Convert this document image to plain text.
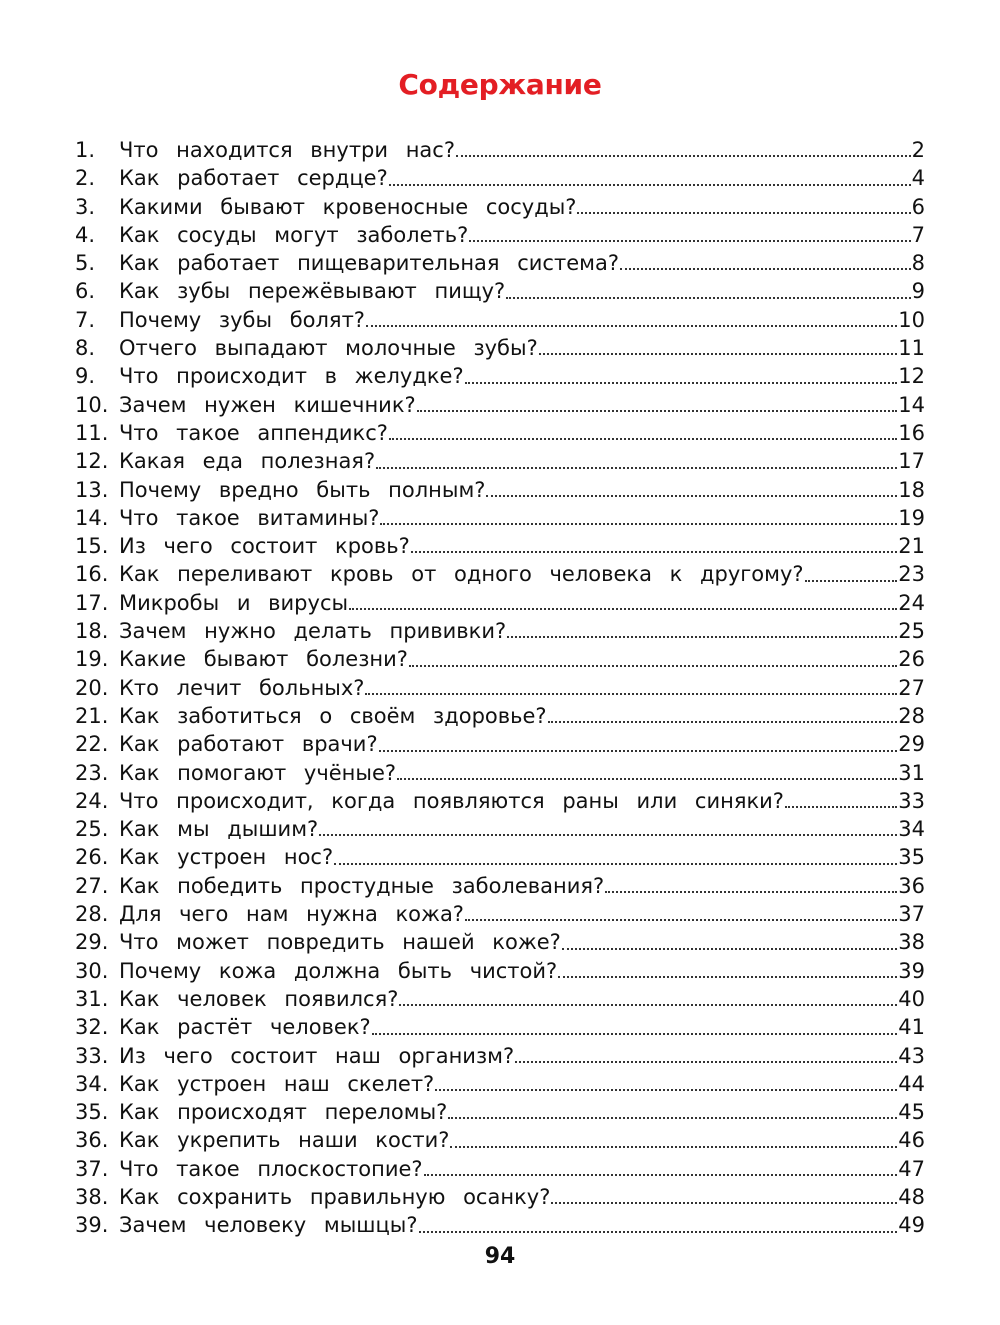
Содержание
1.	Что находится внутри нас?	2
2.	Как работает сердце?	4
3.	Какими бывают кровеносные сосуды?	6
4.	Как сосуды могут заболеть?	7
5.	Как работает пищеварительная система?	8
6.	Как зубы пережёвывают пищу?	9
7.	Почему зубы болят?	10
8.	Отчего выпадают молочные зубы?	11
9.	Что происходит в желудке?	12
10. Зачем нужен кишечник?	14
11. Что такое аппендикс?	16
12. Какая еда полезная?	17
13. Почему вредно быть полным?	18
14. Что такое витамины?	19
15. Из чего состоит кровь?	21
16. Как переливают кровь от одного человека к другому?	23
17. Микробы и вирусы	24
18. Зачем нужно делать прививки?	25
19. Какие бывают болезни?	26
20. Кто лечит больных?	27
21. Как заботиться о своём здоровье?	28
22. Как работают врачи?	29
23. Как помогают учёные?	31
24. Что происходит, когда появляются раны или синяки?	33
25. Как мы дышим?	34
26. Как устроен нос?	35
27. Как победить простудные заболевания?	36
28. Для чего нам нужна кожа?	37
29. Что может повредить нашей коже?	38
30. Почему кожа должна быть чистой?	39
31. Как человек появился?	40
32. Как растёт человек?	41
33. Из чего состоит наш организм?	43
34. Как устроен наш скелет?	44
35. Как происходят переломы?	45
36. Как укрепить наши кости?	46
37. Что такое плоскостопие?	47
38. Как сохранить правильную осанку?	48
39. Зачем человеку мышцы?	49
94
